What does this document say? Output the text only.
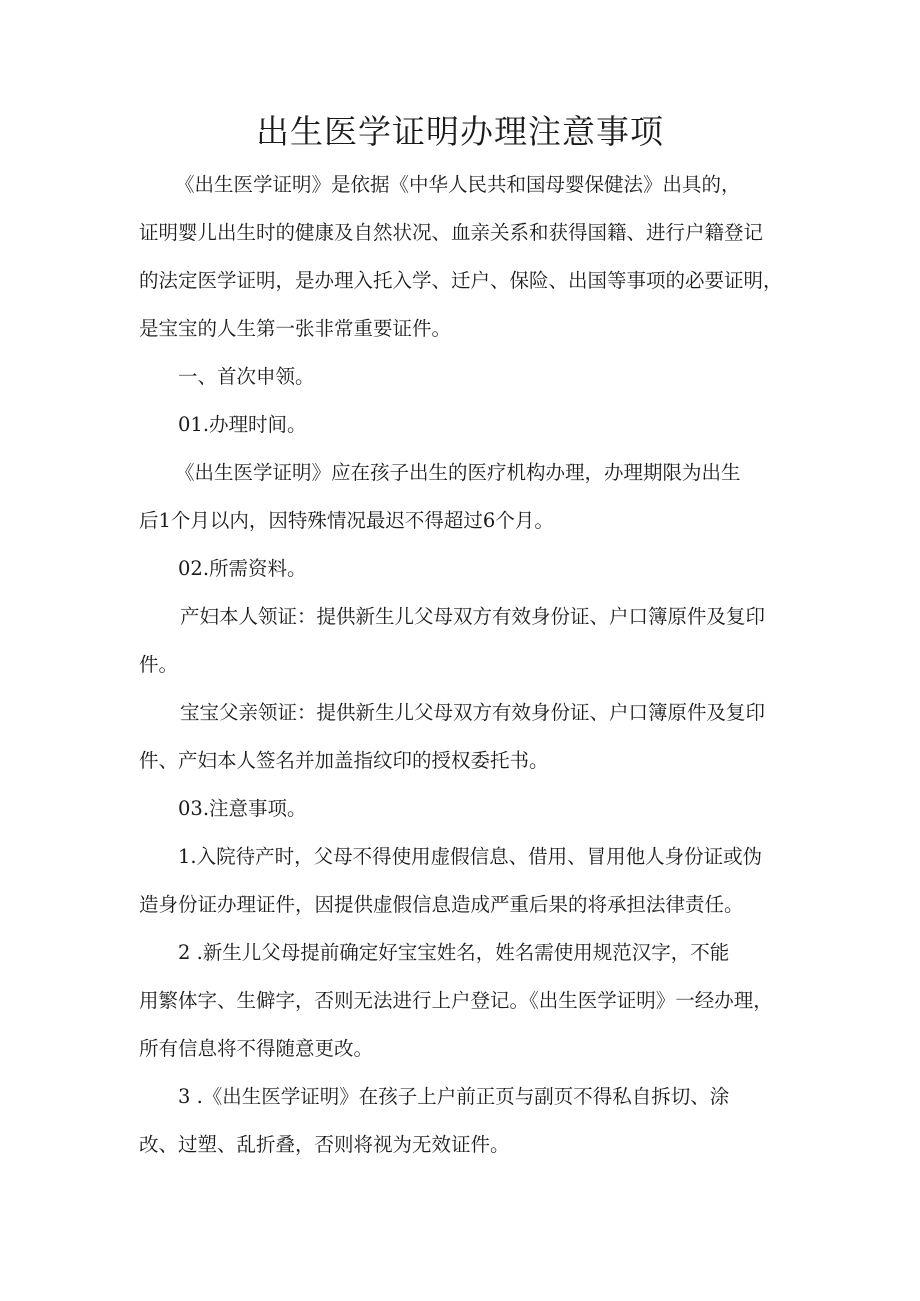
出生医学证明办理注意事项

《出生医学证明》是依据《中华人民共和国母婴保健法》出具的，

证明婴儿出生时的健康及自然状况、血亲关系和获得国籍、进行户籍登记

的法定医学证明，是办理入托入学、迁户、保险、出国等事项的必要证明，

是宝宝的人生第一张非常重要证件。

一、首次申领。

01.办理时间。

《出生医学证明》应在孩子出生的医疗机构办理，办理期限为出生

后1个月以内，因特殊情况最迟不得超过6个月。

02.所需资料。

产妇本人领证：提供新生儿父母双方有效身份证、户口簿原件及复印

件。

宝宝父亲领证：提供新生儿父母双方有效身份证、户口簿原件及复印

件、产妇本人签名并加盖指纹印的授权委托书。

03.注意事项。

1.入院待产时，父母不得使用虚假信息、借用、冒用他人身份证或伪

造身份证办理证件，因提供虚假信息造成严重后果的将承担法律责任。

2 .新生儿父母提前确定好宝宝姓名，姓名需使用规范汉字，不能

用繁体字、生僻字，否则无法进行上户登记。《出生医学证明》一经办理，

所有信息将不得随意更改。

3 .《出生医学证明》在孩子上户前正页与副页不得私自拆切、涂

改、过塑、乱折叠，否则将视为无效证件。
